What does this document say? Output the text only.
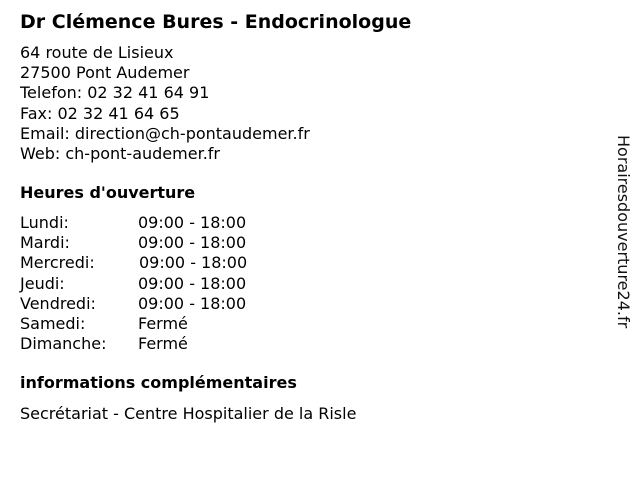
Dr Clémence Bures - Endocrinologue
64 route de Lisieux
27500 Pont Audemer
Telefon: 02 32 41 64 91
Fax: 02 32 41 64 65
Email: direction@ch-pontaudemer.fr
Web: ch-pont-audemer.fr
Heures d'ouverture
Lundi:	09:00 - 18:00
Mardi:	09:00 - 18:00
Mercredi:	09:00 - 18:00
Jeudi:	09:00 - 18:00
Vendredi:	09:00 - 18:00
Samedi:	Fermé
Dimanche: Fermé
informations complémentaires
Secrétariat - Centre Hospitalier de la Risle
Horairesdouverture24.fr
